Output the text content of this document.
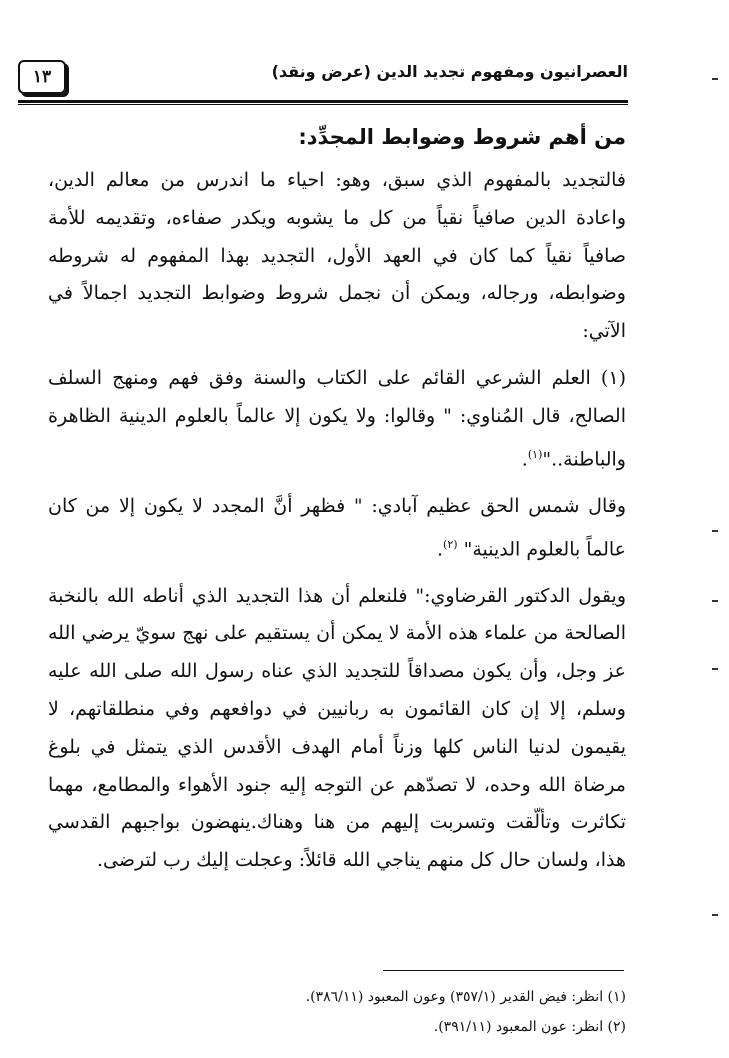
١٣	العصرانيون ومفهوم تجديد الدين (عرض ونقد)
من أهم شروط وضوابط المجدِّد:

فالتجديد بالمفهوم الذي سبق، وهو: احياء ما اندرس من معالم الدين، واعادة الدين صافياً نقياً من كل ما يشوبه ويكدر صفاءه، وتقديمه للأمة صافياً نقياً كما كان في العهد الأول، التجديد بهذا المفهوم له شروطه وضوابطه، ورجاله، ويمكن أن نجمل شروط وضوابط التجديد اجمالاً في الآتي:

(١) العلم الشرعي القائم على الكتاب والسنة وفق فهم ومنهج السلف الصالح، قال المُناوي: " وقالوا: ولا يكون إلا عالماً بالعلوم الدينية الظاهرة والباطنة.."$^{(١)}$.

وقال شمس الحق عظيم آبادي: " فظهر أنَّ المجدد لا يكون إلا من كان عالماً بالعلوم الدينية" $^{(٢)}$.

ويقول الدكتور القرضاوي:" فلنعلم أن هذا التجديد الذي أناطه الله بالنخبة الصالحة من علماء هذه الأمة لا يمكن أن يستقيم على نهج سويّ يرضي الله عز وجل، وأن يكون مصداقاً للتجديد الذي عناه رسول الله صلى الله عليه وسلم، إلا إن كان القائمون به ربانيين في دوافعهم وفي منطلقاتهم، لا يقيمون لدنيا الناس كلها وزناً أمام الهدف الأقدس الذي يتمثل في بلوغ مرضاة الله وحده، لا تصدّهم عن التوجه إليه جنود الأهواء والمطامع، مهما تكاثرت وتألّقت وتسربت إليهم من هنا وهناك.ينهضون بواجبهم القدسي هذا، ولسان حال كل منهم يناجي الله قائلاً: وعجلت إليك رب لترضى.

(١) انظر: فيض القدير (٣٥٧/١) وعون المعبود (٣٨٦/١١).

(٢) انظر: عون المعبود (٣٩١/١١).
